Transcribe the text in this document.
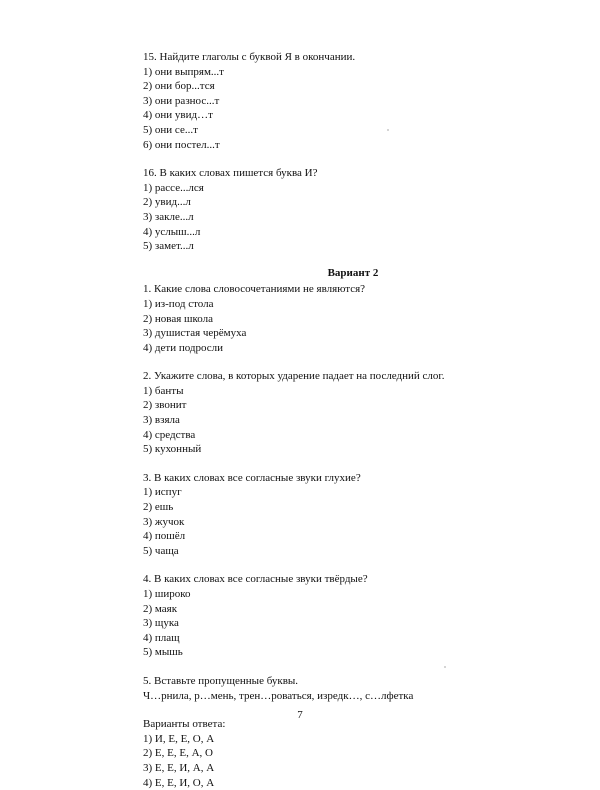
15. Найдите глаголы с буквой Я в окончании.
1) они выпрям...т
2) они бор...тся
3) они разнос...т
4) они увид…т
5) они се...т
6) они постел...т
16. В каких словах пишется буква И?
1) рассе...лся
2) увид...л
3) закле...л
4) услыш...л
5) замет...л
Вариант 2
1. Какие слова словосочетаниями не являются?
1) из-под стола
2) новая школа
3) душистая черёмуха
4) дети подросли
2. Укажите слова, в которых ударение падает на последний слог.
1) банты
2) звонит
3) взяла
4) средства
5) кухонный
3. В каких словах все согласные звуки глухие?
1) испуг
2) ешь
3) жучок
4) пошёл
5) чаща
4. В каких словах все согласные звуки твёрдые?
1) широко
2) маяк
3) щука
4) плащ
5) мышь
5. Вставьте пропущенные буквы.
Ч…рнила, р…мень, трен…роваться, изредк…, с…лфетка
Варианты ответа:
1) И, Е, Е, О, А
2) Е, Е, Е, А, О
3) Е, Е, И, А, А
4) Е, Е, И, О, А
7
